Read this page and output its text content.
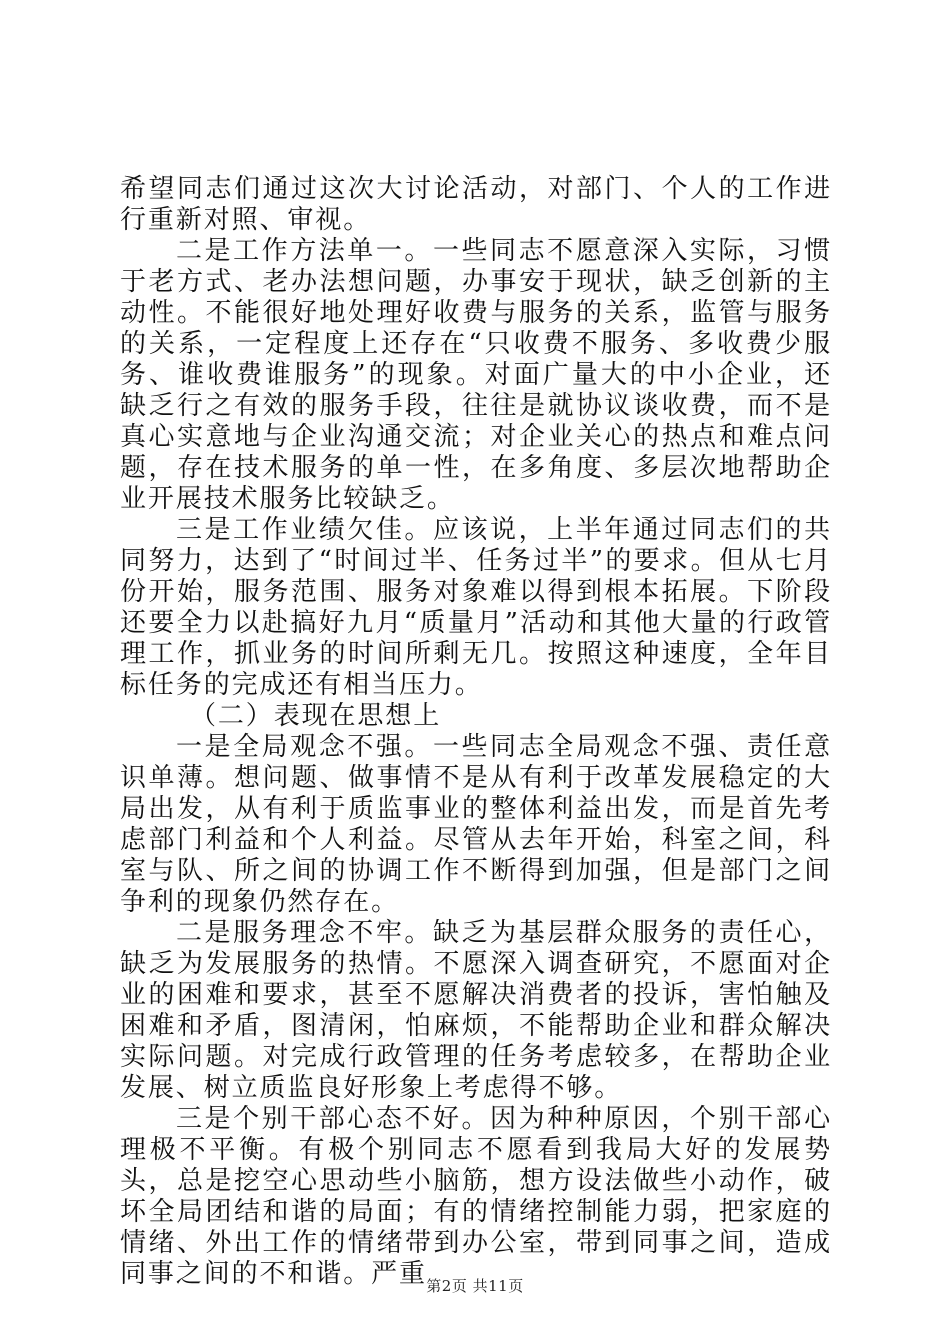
希望同志们通过这次大讨论活动，对部门、个人的工作进行重新对照、审视。

二是工作方法单一。一些同志不愿意深入实际，习惯于老方式、老办法想问题，办事安于现状，缺乏创新的主动性。不能很好地处理好收费与服务的关系，监管与服务的关系，一定程度上还存在“只收费不服务、多收费少服务、谁收费谁服务”的现象。对面广量大的中小企业，还缺乏行之有效的服务手段，往往是就协议谈收费，而不是真心实意地与企业沟通交流；对企业关心的热点和难点问题，存在技术服务的单一性，在多角度、多层次地帮助企业开展技术服务比较缺乏。

三是工作业绩欠佳。应该说，上半年通过同志们的共同努力，达到了“时间过半、任务过半”的要求。但从七月份开始，服务范围、服务对象难以得到根本拓展。下阶段还要全力以赴搞好九月“质量月”活动和其他大量的行政管理工作，抓业务的时间所剩无几。按照这种速度，全年目标任务的完成还有相当压力。

（二）表现在思想上

一是全局观念不强。一些同志全局观念不强、责任意识单薄。想问题、做事情不是从有利于改革发展稳定的大局出发，从有利于质监事业的整体利益出发，而是首先考虑部门利益和个人利益。尽管从去年开始，科室之间，科室与队、所之间的协调工作不断得到加强，但是部门之间争利的现象仍然存在。

二是服务理念不牢。缺乏为基层群众服务的责任心，缺乏为发展服务的热情。不愿深入调查研究，不愿面对企业的困难和要求，甚至不愿解决消费者的投诉，害怕触及困难和矛盾，图清闲，怕麻烦，不能帮助企业和群众解决实际问题。对完成行政管理的任务考虑较多，在帮助企业发展、树立质监良好形象上考虑得不够。

三是个别干部心态不好。因为种种原因，个别干部心理极不平衡。有极个别同志不愿看到我局大好的发展势头，总是挖空心思动些小脑筋，想方设法做些小动作，破坏全局团结和谐的局面；有的情绪控制能力弱，把家庭的情绪、外出工作的情绪带到办公室，带到同事之间，造成同事之间的不和谐。严重 第2页 共11页
